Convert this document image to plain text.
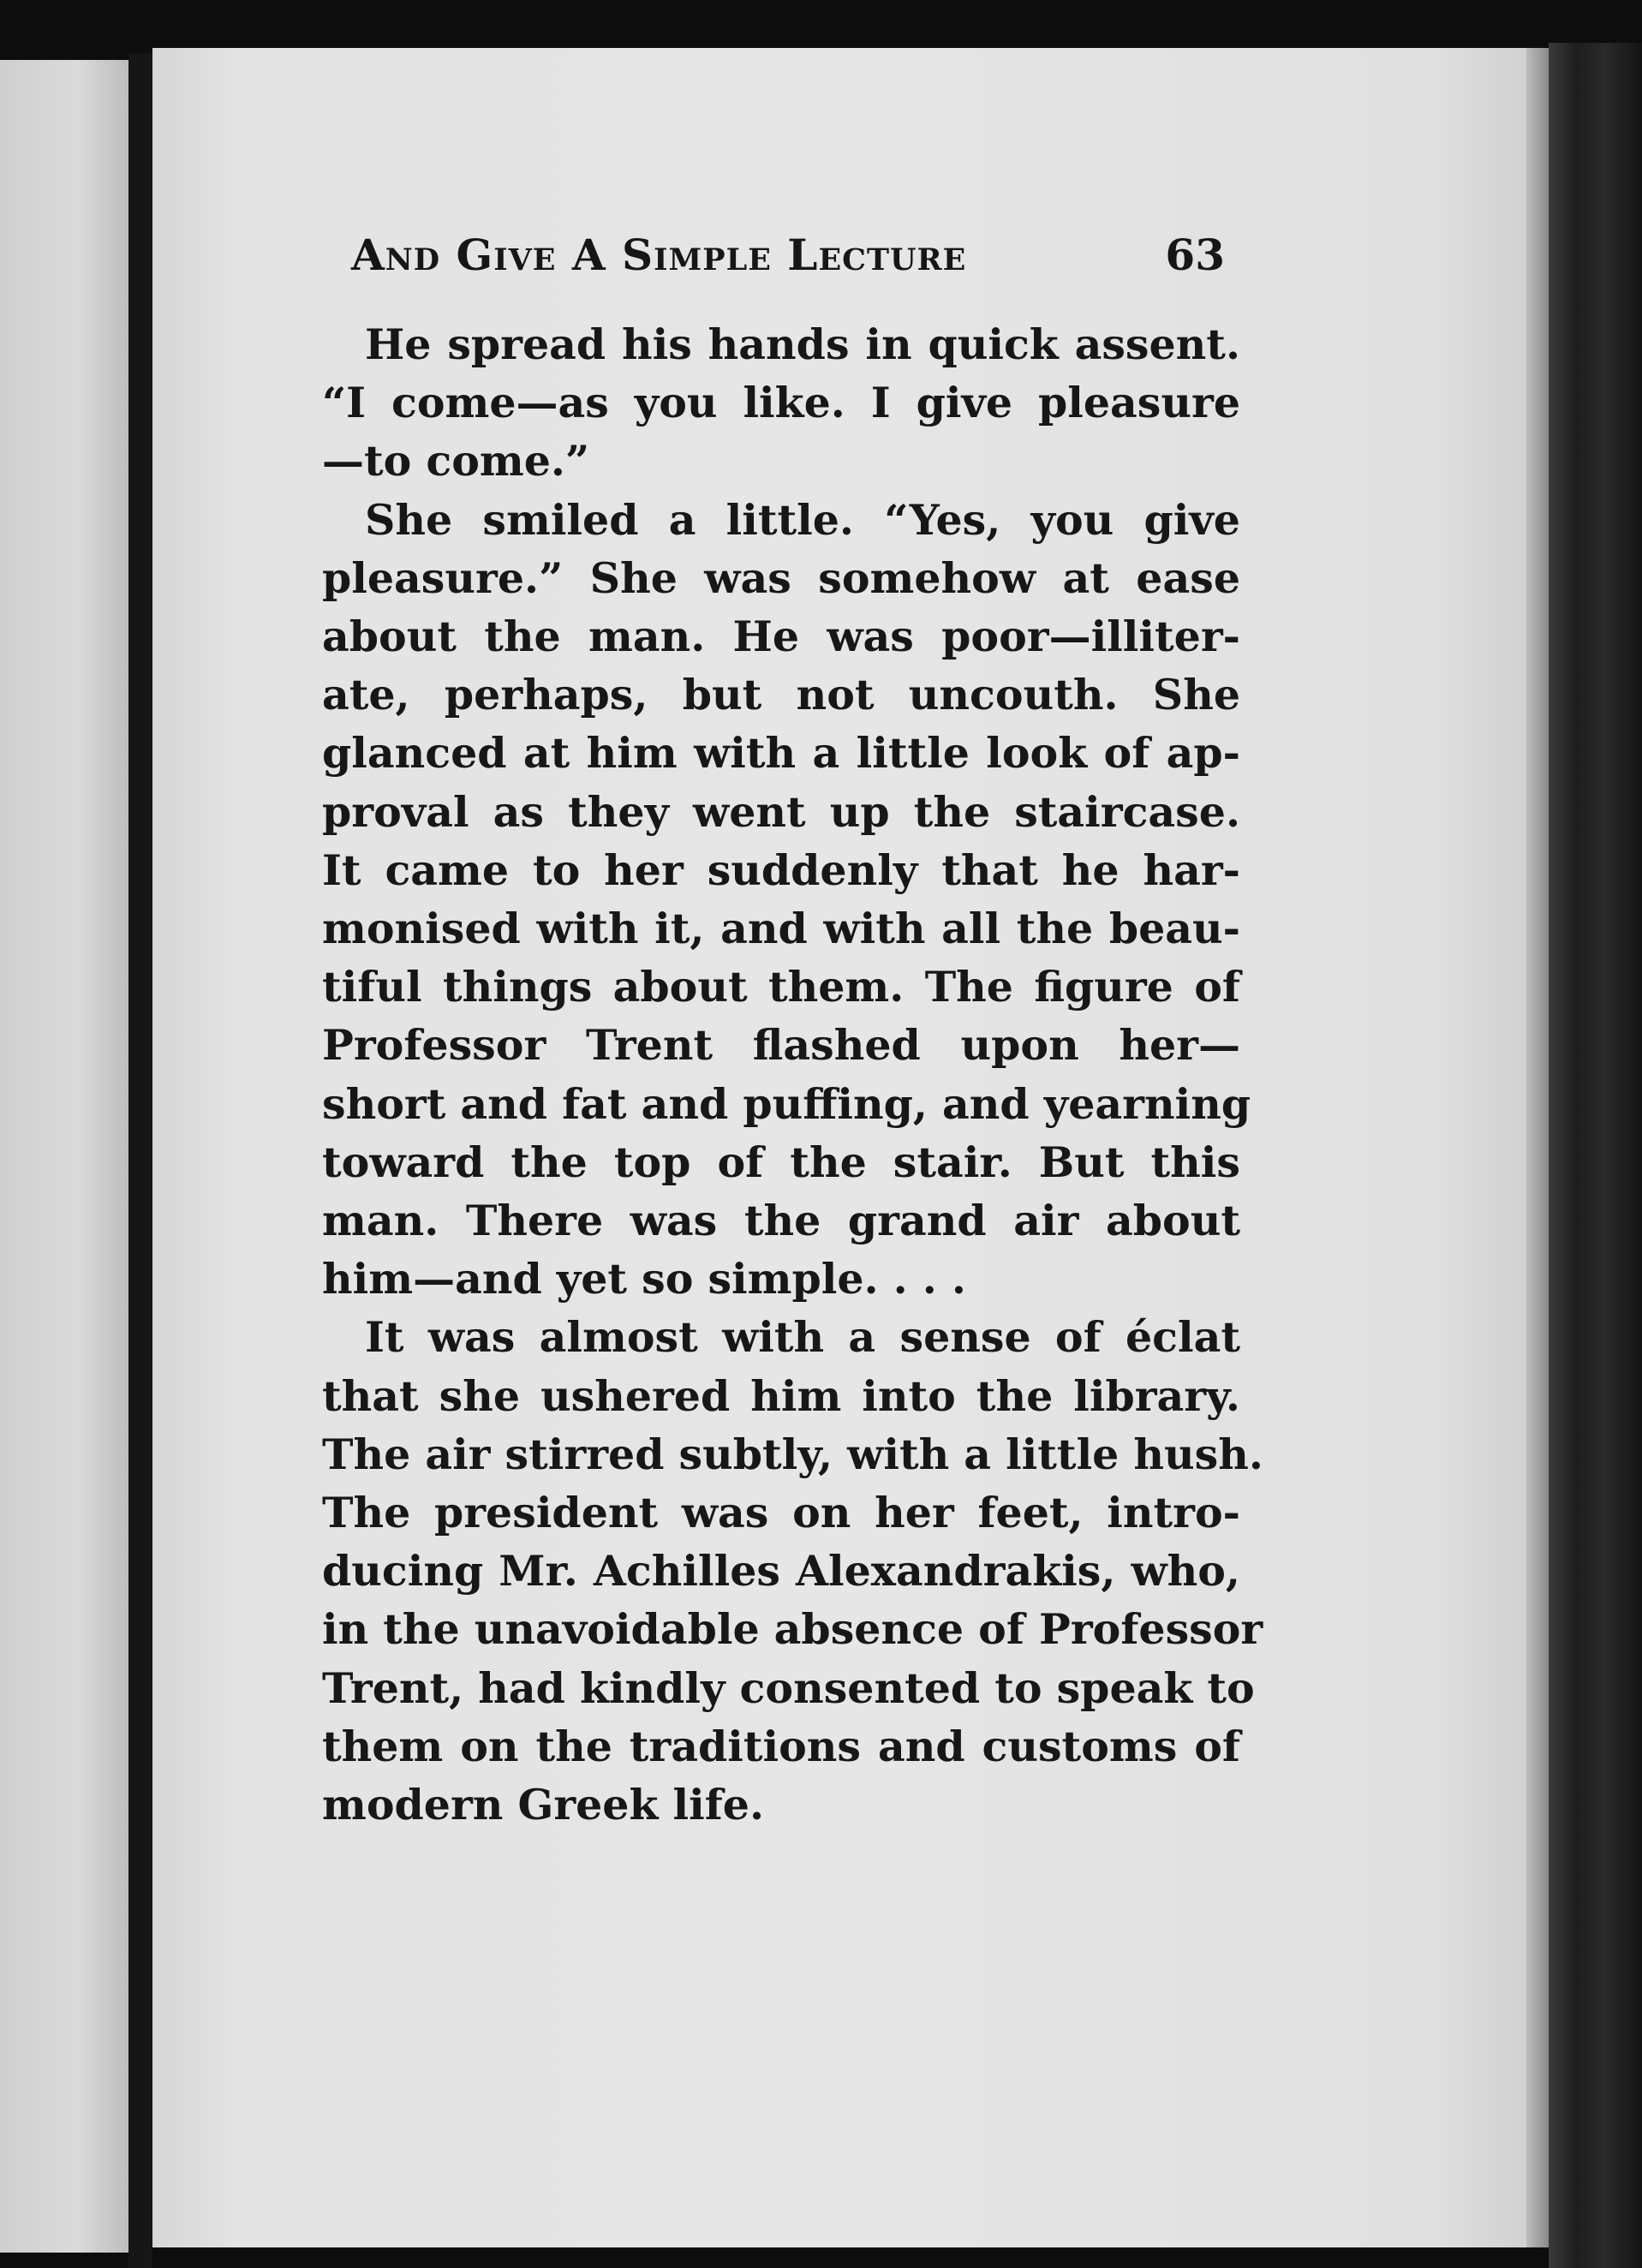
And Give A Simple Lecture	63
He spread his hands in quick assent.
“I come—as you like. I give pleasure
—to come.”
She smiled a little. “Yes, you give
pleasure.” She was somehow at ease
about the man. He was poor—illiter-
ate, perhaps, but not uncouth. She
glanced at him with a little look of ap-
proval as they went up the staircase.
It came to her suddenly that he har-
monised with it, and with all the beau-
tiful things about them. The figure of
Professor Trent flashed upon her—
short and fat and puffing, and yearning
toward the top of the stair. But this
man. There was the grand air about
him—and yet so simple. . . .
It was almost with a sense of éclat
that she ushered him into the library.
The air stirred subtly, with a little hush.
The president was on her feet, intro-
ducing Mr. Achilles Alexandrakis, who,
in the unavoidable absence of Professor
Trent, had kindly consented to speak to
them on the traditions and customs of
modern Greek life.
